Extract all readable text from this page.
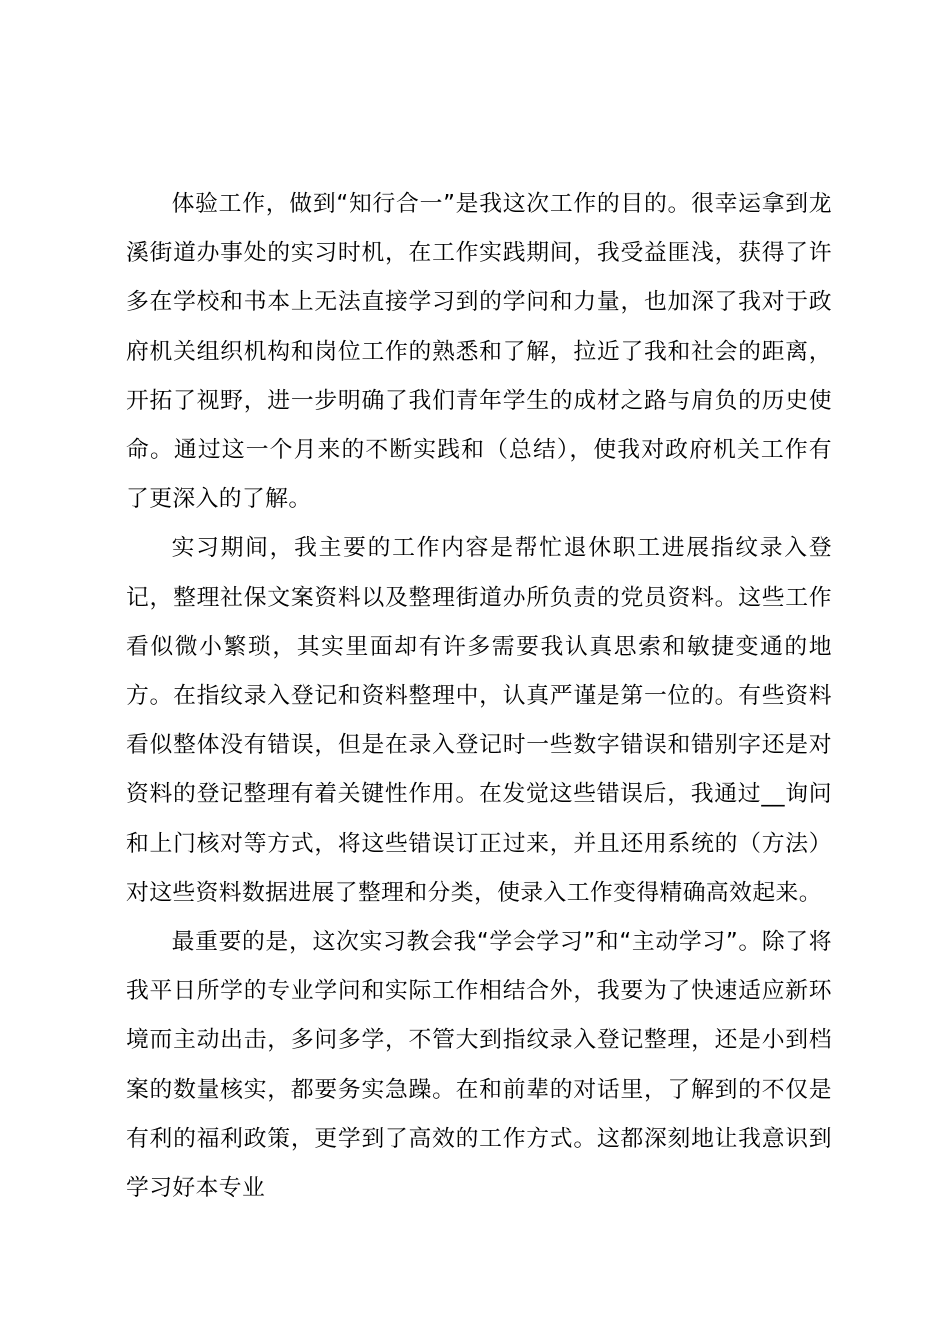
体验工作，做到“知行合一”是我这次工作的目的。很幸运拿到龙溪街道办事处的实习时机，在工作实践期间，我受益匪浅，获得了许多在学校和书本上无法直接学习到的学问和力量，也加深了我对于政府机关组织机构和岗位工作的熟悉和了解，拉近了我和社会的距离，开拓了视野，进一步明确了我们青年学生的成材之路与肩负的历史使命。通过这一个月来的不断实践和（总结），使我对政府机关工作有了更深入的了解。

实习期间，我主要的工作内容是帮忙退休职工进展指纹录入登记，整理社保文案资料以及整理街道办所负责的党员资料。这些工作看似微小繁琐，其实里面却有许多需要我认真思索和敏捷变通的地方。在指纹录入登记和资料整理中，认真严谨是第一位的。有些资料看似整体没有错误，但是在录入登记时一些数字错误和错别字还是对资料的登记整理有着关键性作用。在发觉这些错误后，我通过__询问和上门核对等方式，将这些错误订正过来，并且还用系统的（方法）对这些资料数据进展了整理和分类，使录入工作变得精确高效起来。

最重要的是，这次实习教会我“学会学习”和“主动学习”。除了将我平日所学的专业学问和实际工作相结合外，我要为了快速适应新环境而主动出击，多问多学，不管大到指纹录入登记整理，还是小到档案的数量核实，都要务实急躁。在和前辈的对话里，了解到的不仅是有利的福利政策，更学到了高效的工作方式。这都深刻地让我意识到学习好本专业
